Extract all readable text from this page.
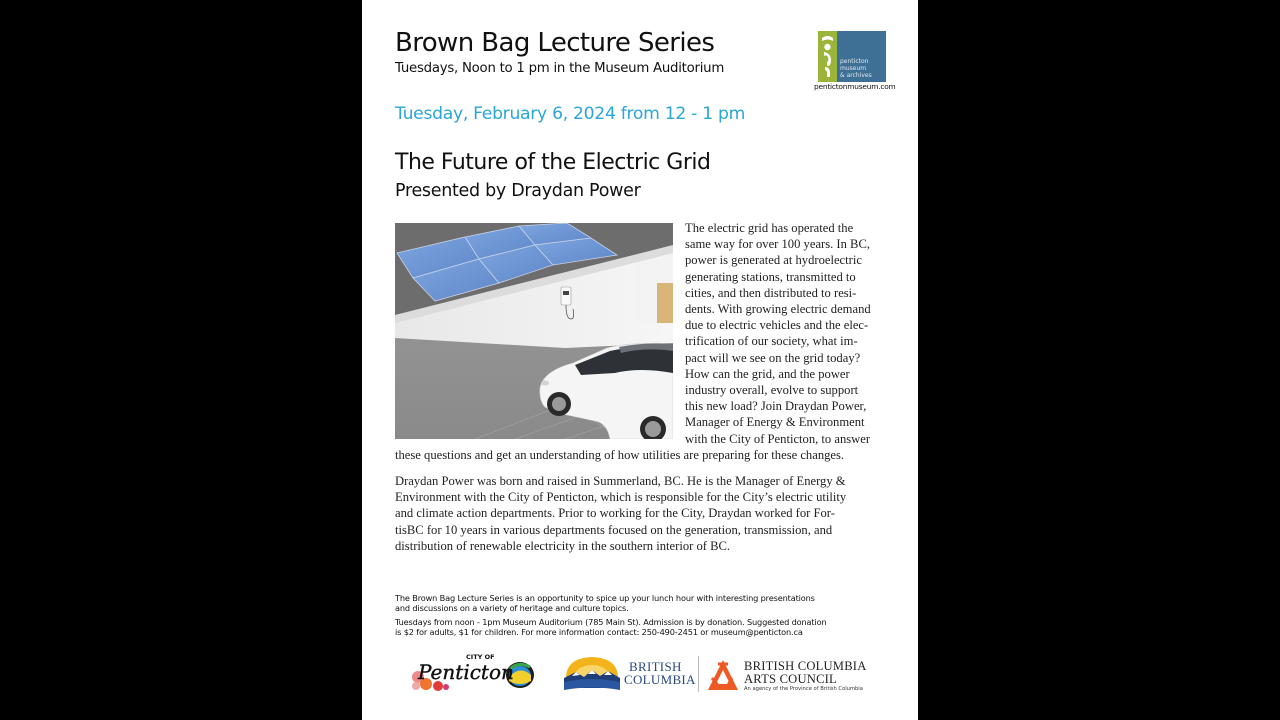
Brown Bag Lecture Series
Tuesdays, Noon to 1 pm in the Museum Auditorium	penticton
museum
& archives
pentictonmuseum.com
Tuesday, February 6, 2024 from 12 - 1 pm
The Future of the Electric Grid
Presented by Draydan Power
The electric grid has operated the
same way for over 100 years. In BC,
power is generated at hydroelectric
generating stations, transmitted to
cities, and then distributed to resi-
dents. With growing electric demand
due to electric vehicles and the elec-
trification of our society, what im-
pact will we see on the grid today?
How can the grid, and the power
industry overall, evolve to support
this new load? Join Draydan Power,
Manager of Energy & Environment
with the City of Penticton, to answer
these questions and get an understanding of how utilities are preparing for these changes.
Draydan Power was born and raised in Summerland, BC. He is the Manager of Energy &
Environment with the City of Penticton, which is responsible for the City’s electric utility
and climate action departments. Prior to working for the City, Draydan worked for For-
tisBC for 10 years in various departments focused on the generation, transmission, and
distribution of renewable electricity in the southern interior of BC.
The Brown Bag Lecture Series is an opportunity to spice up your lunch hour with interesting presentations
and discussions on a variety of heritage and culture topics.
Tuesdays from noon - 1pm Museum Auditorium (785 Main St). Admission is by donation. Suggested donation
is $2 for adults, $1 for children. For more information contact: 250-490-2451 or museum@penticton.ca
CITY OF
Penticton	BRITISH
COLUMBIA
BRITISH COLUMBIA
ARTS COUNCIL
An agency of the Province of British Columbia
